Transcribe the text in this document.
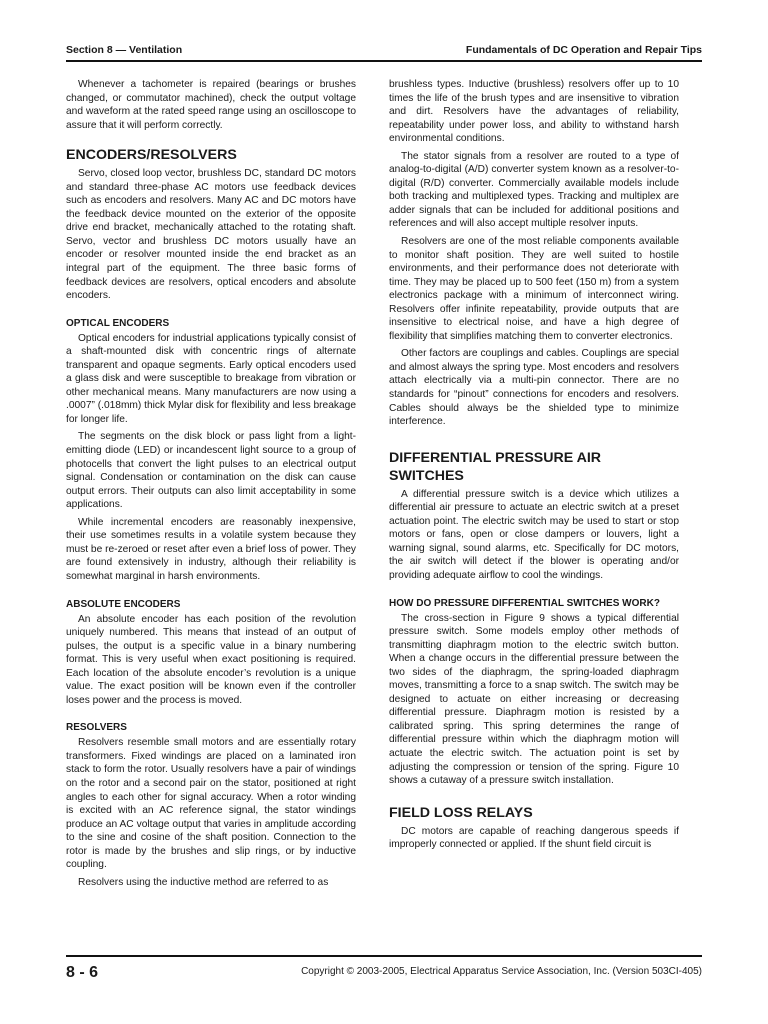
Section 8 — Ventilation	Fundamentals of DC Operation and Repair Tips

Whenever a tachometer is repaired (bearings or brushes changed, or commutator machined), check the output voltage and waveform at the rated speed range using an oscilloscope to assure that it will perform correctly.

ENCODERS/RESOLVERS

Servo, closed loop vector, brushless DC, standard DC motors and standard three-phase AC motors use feedback devices such as encoders and resolvers. Many AC and DC motors have the feedback device mounted on the exterior of the opposite drive end bracket, mechanically attached to the rotating shaft. Servo, vector and brushless DC motors usually have an encoder or resolver mounted inside the end bracket as an integral part of the equipment. The three basic forms of feedback devices are resolvers, optical encoders and absolute encoders.

OPTICAL ENCODERS

Optical encoders for industrial applications typically consist of a shaft-mounted disk with concentric rings of alternate transparent and opaque segments. Early optical encoders used a glass disk and were susceptible to breakage from vibration or other mechanical means. Many manufacturers are now using a .0007” (.018mm) thick Mylar disk for flexibility and less breakage for longer life.

The segments on the disk block or pass light from a light-emitting diode (LED) or incandescent light source to a group of photocells that convert the light pulses to an electrical output signal. Condensation or contamination on the disk can cause output errors. Their outputs can also limit acceptability in some applications.

While incremental encoders are reasonably inexpensive, their use sometimes results in a volatile system because they must be re-zeroed or reset after even a brief loss of power. They are found extensively in industry, although their reliability is somewhat marginal in harsh environments.

ABSOLUTE ENCODERS

An absolute encoder has each position of the revolution uniquely numbered. This means that instead of an output of pulses, the output is a specific value in a binary numbering format. This is very useful when exact positioning is required. Each location of the absolute encoder’s revolution is a unique value. The exact position will be known even if the controller loses power and the process is moved.

RESOLVERS

Resolvers resemble small motors and are essentially rotary transformers. Fixed windings are placed on a laminated iron stack to form the rotor. Usually resolvers have a pair of windings on the rotor and a second pair on the stator, positioned at right angles to each other for signal accuracy. When a rotor winding is excited with an AC reference signal, the stator windings produce an AC voltage output that varies in amplitude according to the sine and cosine of the shaft position. Connection to the rotor is made by the brushes and slip rings, or by inductive coupling.

Resolvers using the inductive method are referred to as

brushless types. Inductive (brushless) resolvers offer up to 10 times the life of the brush types and are insensitive to vibration and dirt. Resolvers have the advantages of reliability, repeatability under power loss, and ability to withstand harsh environmental conditions.

The stator signals from a resolver are routed to a type of analog-to-digital (A/D) converter system known as a resolver-to-digital (R/D) converter. Commercially available models include both tracking and multiplexed types. Tracking and multiplex are adder signals that can be included for additional positions and references and will also accept multiple resolver inputs.

Resolvers are one of the most reliable components available to monitor shaft position. They are well suited to hostile environments, and their performance does not deteriorate with time. They may be placed up to 500 feet (150 m) from a system electronics package with a minimum of interconnect wiring. Resolvers offer infinite repeatability, provide outputs that are insensitive to electrical noise, and have a high degree of flexibility that simplifies matching them to converter electronics.

Other factors are couplings and cables. Couplings are special and almost always the spring type. Most encoders and resolvers attach electrically via a multi-pin connector. There are no standards for “pinout” connections for encoders and resolvers. Cables should always be the shielded type to minimize interference.

DIFFERENTIAL PRESSURE AIR SWITCHES

A differential pressure switch is a device which utilizes a differential air pressure to actuate an electric switch at a preset actuation point. The electric switch may be used to start or stop motors or fans, open or close dampers or louvers, light a warning signal, sound alarms, etc. Specifically for DC motors, the air switch will detect if the blower is operating and/or providing adequate airflow to cool the windings.

HOW DO PRESSURE DIFFERENTIAL SWITCHES WORK?

The cross-section in Figure 9 shows a typical differential pressure switch. Some models employ other methods of transmitting diaphragm motion to the electric switch button. When a change occurs in the differential pressure between the two sides of the diaphragm, the spring-loaded diaphragm moves, transmitting a force to a snap switch. The switch may be designed to actuate on either increasing or decreasing differential pressure. Diaphragm motion is resisted by a calibrated spring. This spring determines the range of differential pressure within which the diaphragm motion will actuate the electric switch. The actuation point is set by adjusting the compression or tension of the spring. Figure 10 shows a cutaway of a pressure switch installation.

FIELD LOSS RELAYS

DC motors are capable of reaching dangerous speeds if improperly connected or applied. If the shunt field circuit is

8 - 6	Copyright © 2003-2005, Electrical Apparatus Service Association, Inc. (Version 503CI-405)
